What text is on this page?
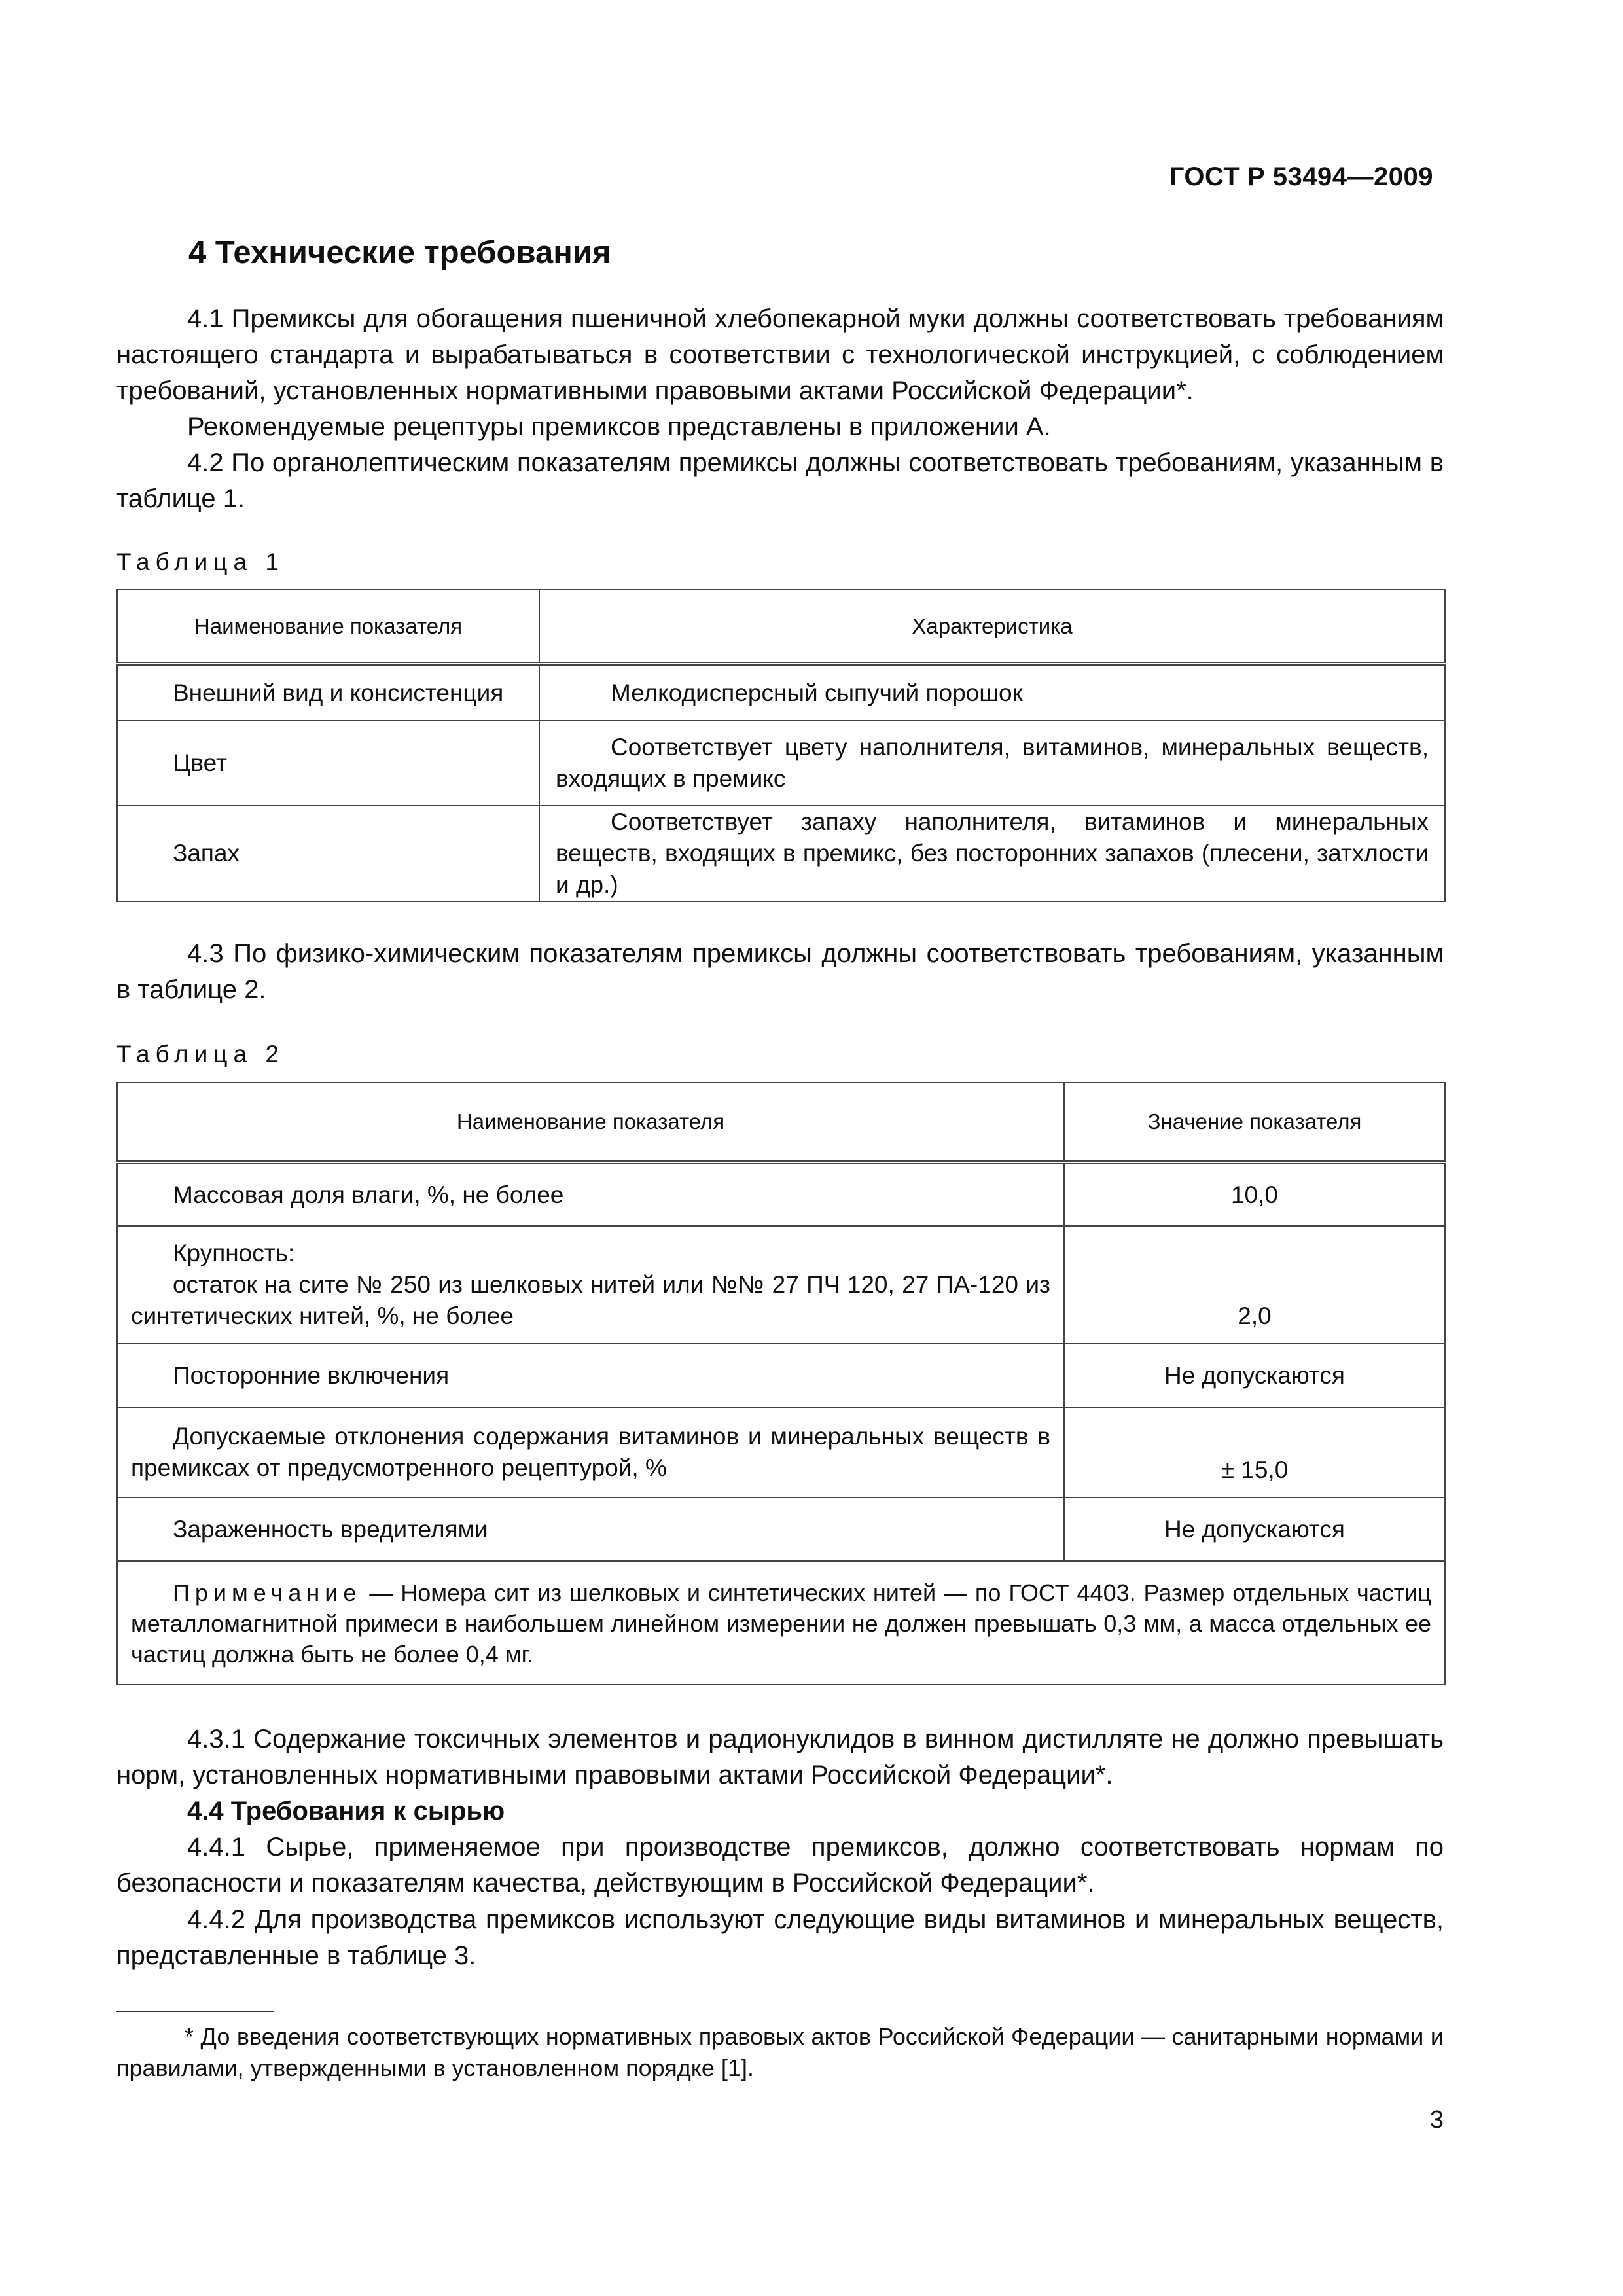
ГОСТ Р 53494—2009
4 Технические требования

4.1 Премиксы для обогащения пшеничной хлебопекарной муки должны соответствовать требованиям настоящего стандарта и вырабатываться в соответствии с технологической инструкцией, с соблюдением требований, установленных нормативными правовыми актами Российской Федерации*.

Рекомендуемые рецептуры премиксов представлены в приложении А.

4.2 По органолептическим показателям премиксы должны соответствовать требованиям, указанным в таблице 1.

Таблица 1
Наименование показателя	Характеристика
Внешний вид и консистенция	Мелкодисперсный сыпучий порошок
Цвет	Соответствует цвету наполнителя, витаминов, минеральных веществ, входящих в премикс
Запах	Соответствует запаху наполнителя, витаминов и минеральных веществ, входящих в премикс, без посторонних запахов (плесени, затхлости и др.)

4.3 По физико-химическим показателям премиксы должны соответствовать требованиям, указанным в таблице 2.

Таблица 2
Наименование показателя	Значение показателя
Массовая доля влаги, %, не более	10,0

Крупность:
остаток на сите № 250 из шелковых нитей или №№ 27 ПЧ 120, 27 ПА-120 из синтетических нитей, %, не более	2,0
Посторонние включения	Не допускаются
Допускаемые отклонения содержания витаминов и минеральных веществ в премиксах от предусмотренного рецептурой, %	± 15,0
Зараженность вредителями	Не допускаются
Примечание — Номера сит из шелковых и синтетических нитей — по ГОСТ 4403. Размер отдельных частиц металломагнитной примеси в наибольшем линейном измерении не должен превышать 0,3 мм, а масса отдельных ее частиц должна быть не более 0,4 мг.	

4.3.1 Содержание токсичных элементов и радионуклидов в винном дистилляте не должно превышать норм, установленных нормативными правовыми актами Российской Федерации*.

4.4 Требования к сырью

4.4.1 Сырье, применяемое при производстве премиксов, должно соответствовать нормам по безопасности и показателям качества, действующим в Российской Федерации*.

4.4.2 Для производства премиксов используют следующие виды витаминов и минеральных веществ, представленные в таблице 3.

* До введения соответствующих нормативных правовых актов Российской Федерации — санитарными нормами и правилами, утвержденными в установленном порядке [1].

3
